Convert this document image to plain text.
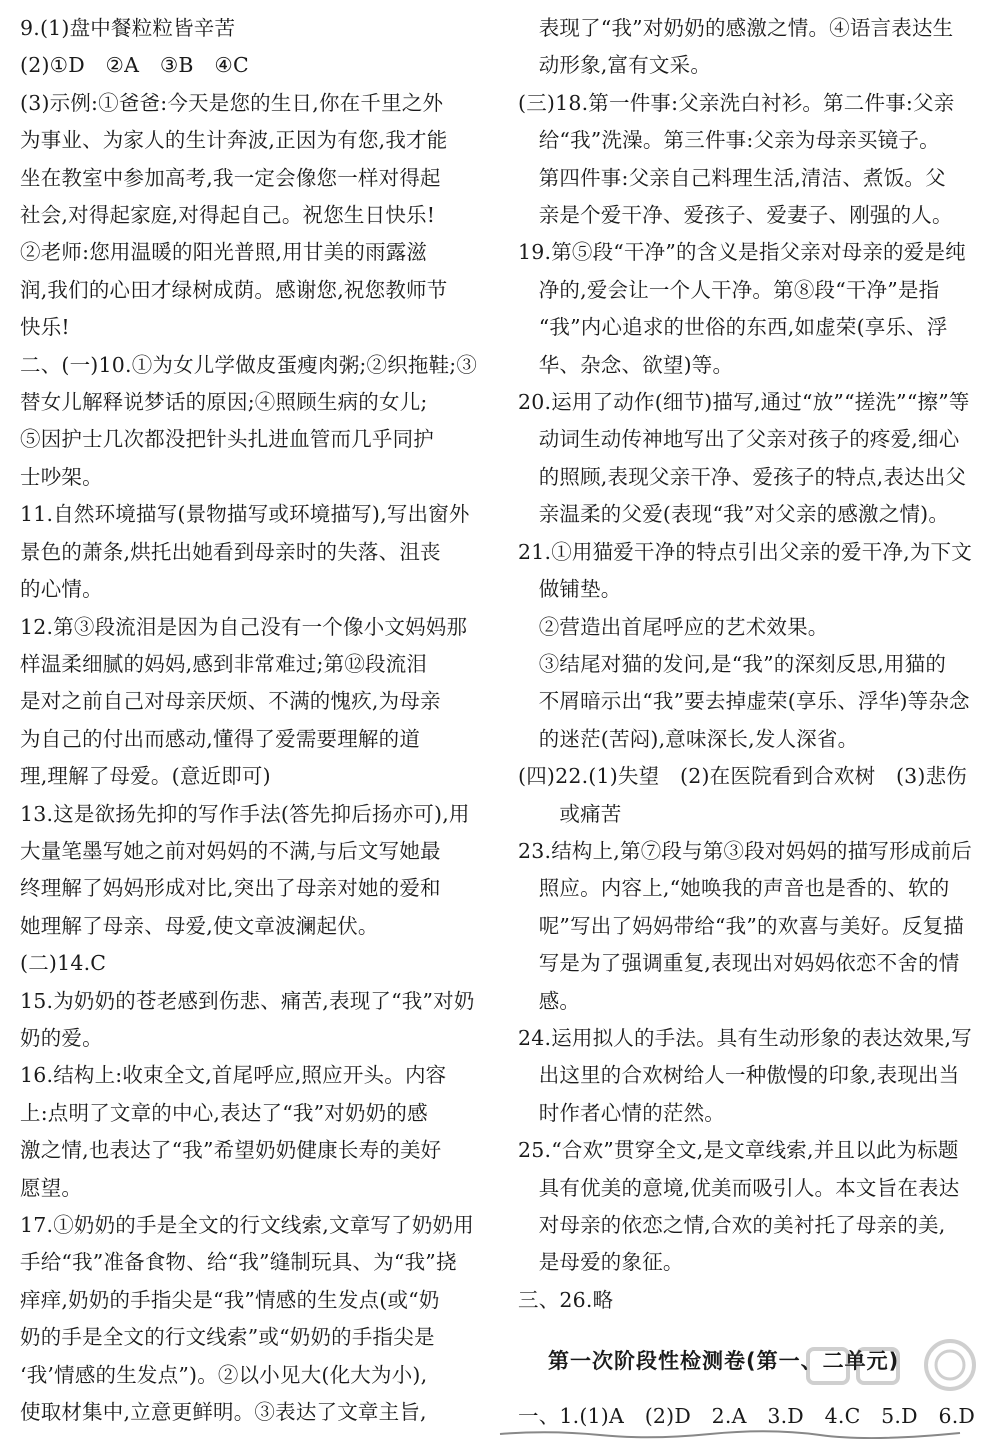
9.(1)盘中餐粒粒皆辛苦
(2)①D　②A　③B　④C
(3)示例:①爸爸:今天是您的生日,你在千里之外
为事业、为家人的生计奔波,正因为有您,我才能
坐在教室中参加高考,我一定会像您一样对得起
社会,对得起家庭,对得起自己。祝您生日快乐!
②老师:您用温暖的阳光普照,用甘美的雨露滋
润,我们的心田才绿树成荫。感谢您,祝您教师节
快乐!
二、(一)10.①为女儿学做皮蛋瘦肉粥;②织拖鞋;③
替女儿解释说梦话的原因;④照顾生病的女儿;
⑤因护士几次都没把针头扎进血管而几乎同护
士吵架。
11.自然环境描写(景物描写或环境描写),写出窗外
景色的萧条,烘托出她看到母亲时的失落、沮丧
的心情。
12.第③段流泪是因为自己没有一个像小文妈妈那
样温柔细腻的妈妈,感到非常难过;第⑫段流泪
是对之前自己对母亲厌烦、不满的愧疚,为母亲
为自己的付出而感动,懂得了爱需要理解的道
理,理解了母爱。(意近即可)
13.这是欲扬先抑的写作手法(答先抑后扬亦可),用
大量笔墨写她之前对妈妈的不满,与后文写她最
终理解了妈妈形成对比,突出了母亲对她的爱和
她理解了母亲、母爱,使文章波澜起伏。
(二)14.C
15.为奶奶的苍老感到伤悲、痛苦,表现了“我”对奶
奶的爱。
16.结构上:收束全文,首尾呼应,照应开头。内容
上:点明了文章的中心,表达了“我”对奶奶的感
激之情,也表达了“我”希望奶奶健康长寿的美好
愿望。
17.①奶奶的手是全文的行文线索,文章写了奶奶用
手给“我”准备食物、给“我”缝制玩具、为“我”挠
痒痒,奶奶的手指尖是“我”情感的生发点(或“奶
奶的手是全文的行文线索”或“奶奶的手指尖是
‘我’情感的生发点”)。②以小见大(化大为小),
使取材集中,立意更鲜明。③表达了文章主旨,
　表现了“我”对奶奶的感激之情。④语言表达生
　动形象,富有文采。
(三)18.第一件事:父亲洗白衬衫。第二件事:父亲
　给“我”洗澡。第三件事:父亲为母亲买镜子。
　第四件事:父亲自己料理生活,清洁、煮饭。父
　亲是个爱干净、爱孩子、爱妻子、刚强的人。
19.第⑤段“干净”的含义是指父亲对母亲的爱是纯
　净的,爱会让一个人干净。第⑧段“干净”是指
　“我”内心追求的世俗的东西,如虚荣(享乐、浮
　华、杂念、欲望)等。
20.运用了动作(细节)描写,通过“放”“搓洗”“擦”等
　动词生动传神地写出了父亲对孩子的疼爱,细心
　的照顾,表现父亲干净、爱孩子的特点,表达出父
　亲温柔的父爱(表现“我”对父亲的感激之情)。
21.①用猫爱干净的特点引出父亲的爱干净,为下文
　做铺垫。
　②营造出首尾呼应的艺术效果。
　③结尾对猫的发问,是“我”的深刻反思,用猫的
　不屑暗示出“我”要去掉虚荣(享乐、浮华)等杂念
　的迷茫(苦闷),意味深长,发人深省。
(四)22.(1)失望　(2)在医院看到合欢树　(3)悲伤
　　或痛苦
23.结构上,第⑦段与第③段对妈妈的描写形成前后
　照应。内容上,“她唤我的声音也是香的、软的
　呢”写出了妈妈带给“我”的欢喜与美好。反复描
　写是为了强调重复,表现出对妈妈依恋不舍的情
　感。
24.运用拟人的手法。具有生动形象的表达效果,写
　出这里的合欢树给人一种傲慢的印象,表现出当
　时作者心情的茫然。
25.“合欢”贯穿全文,是文章线索,并且以此为标题
　具有优美的意境,优美而吸引人。本文旨在表达
　对母亲的依恋之情,合欢的美衬托了母亲的美,
　是母爱的象征。
三、26.略
第一次阶段性检测卷(第一、二单元)
一、1.(1)A　(2)D　2.A　3.D　4.C　5.D　6.D
